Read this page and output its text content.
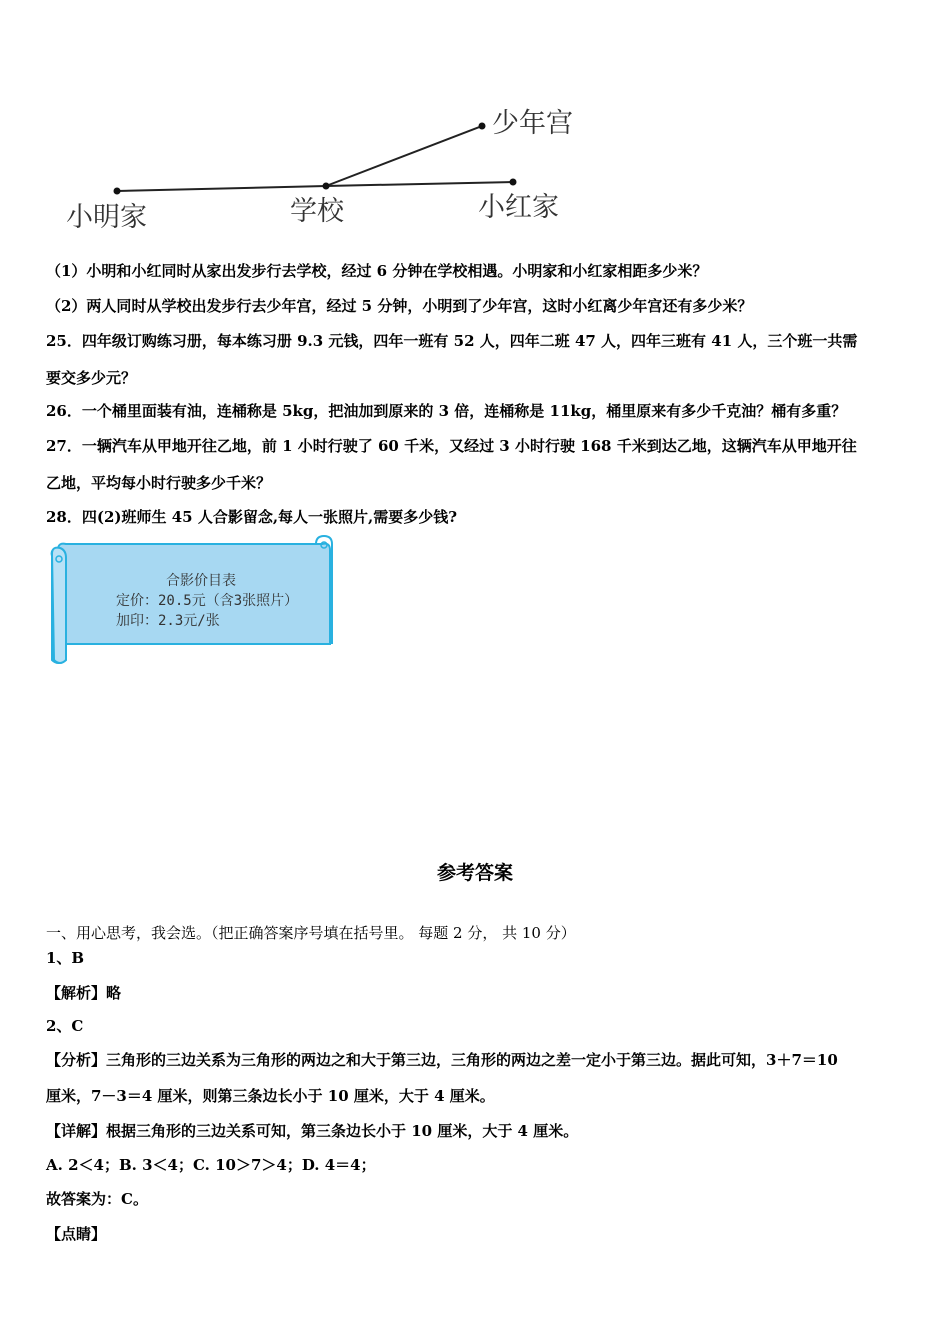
少年宫
小明家	学校	小红家
（1）小明和小红同时从家出发步行去学校，经过 6 分钟在学校相遇。小明家和小红家相距多少米？
（2）两人同时从学校出发步行去少年宫，经过 5 分钟，小明到了少年宫，这时小红离少年宫还有多少米？
25．四年级订购练习册，每本练习册 9.3 元钱，四年一班有 52 人，四年二班 47 人，四年三班有 41 人，三个班一共需
要交多少元？
26．一个桶里面装有油，连桶称是 5kg，把油加到原来的 3 倍，连桶称是 11kg，桶里原来有多少千克油？桶有多重？
27．一辆汽车从甲地开往乙地，前 1 小时行驶了 60 千米，又经过 3 小时行驶 168 千米到达乙地，这辆汽车从甲地开往
乙地，平均每小时行驶多少千米？
28．四(2)班师生 45 人合影留念,每人一张照片,需要多少钱?
合影价目表
定价：20.5元（含3张照片）
加印：2.3元/张
参考答案
一、用心思考，我会选。（把正确答案序号填在括号里。 每题 2 分， 共 10 分）
1、B
【解析】略
2、C
【分析】三角形的三边关系为三角形的两边之和大于第三边，三角形的两边之差一定小于第三边。据此可知，3＋7＝10
厘米，7－3＝4 厘米，则第三条边长小于 10 厘米，大于 4 厘米。
【详解】根据三角形的三边关系可知，第三条边长小于 10 厘米，大于 4 厘米。
A. 2＜4；B. 3＜4；C. 10＞7＞4；D. 4＝4；
故答案为：C。
【点睛】
